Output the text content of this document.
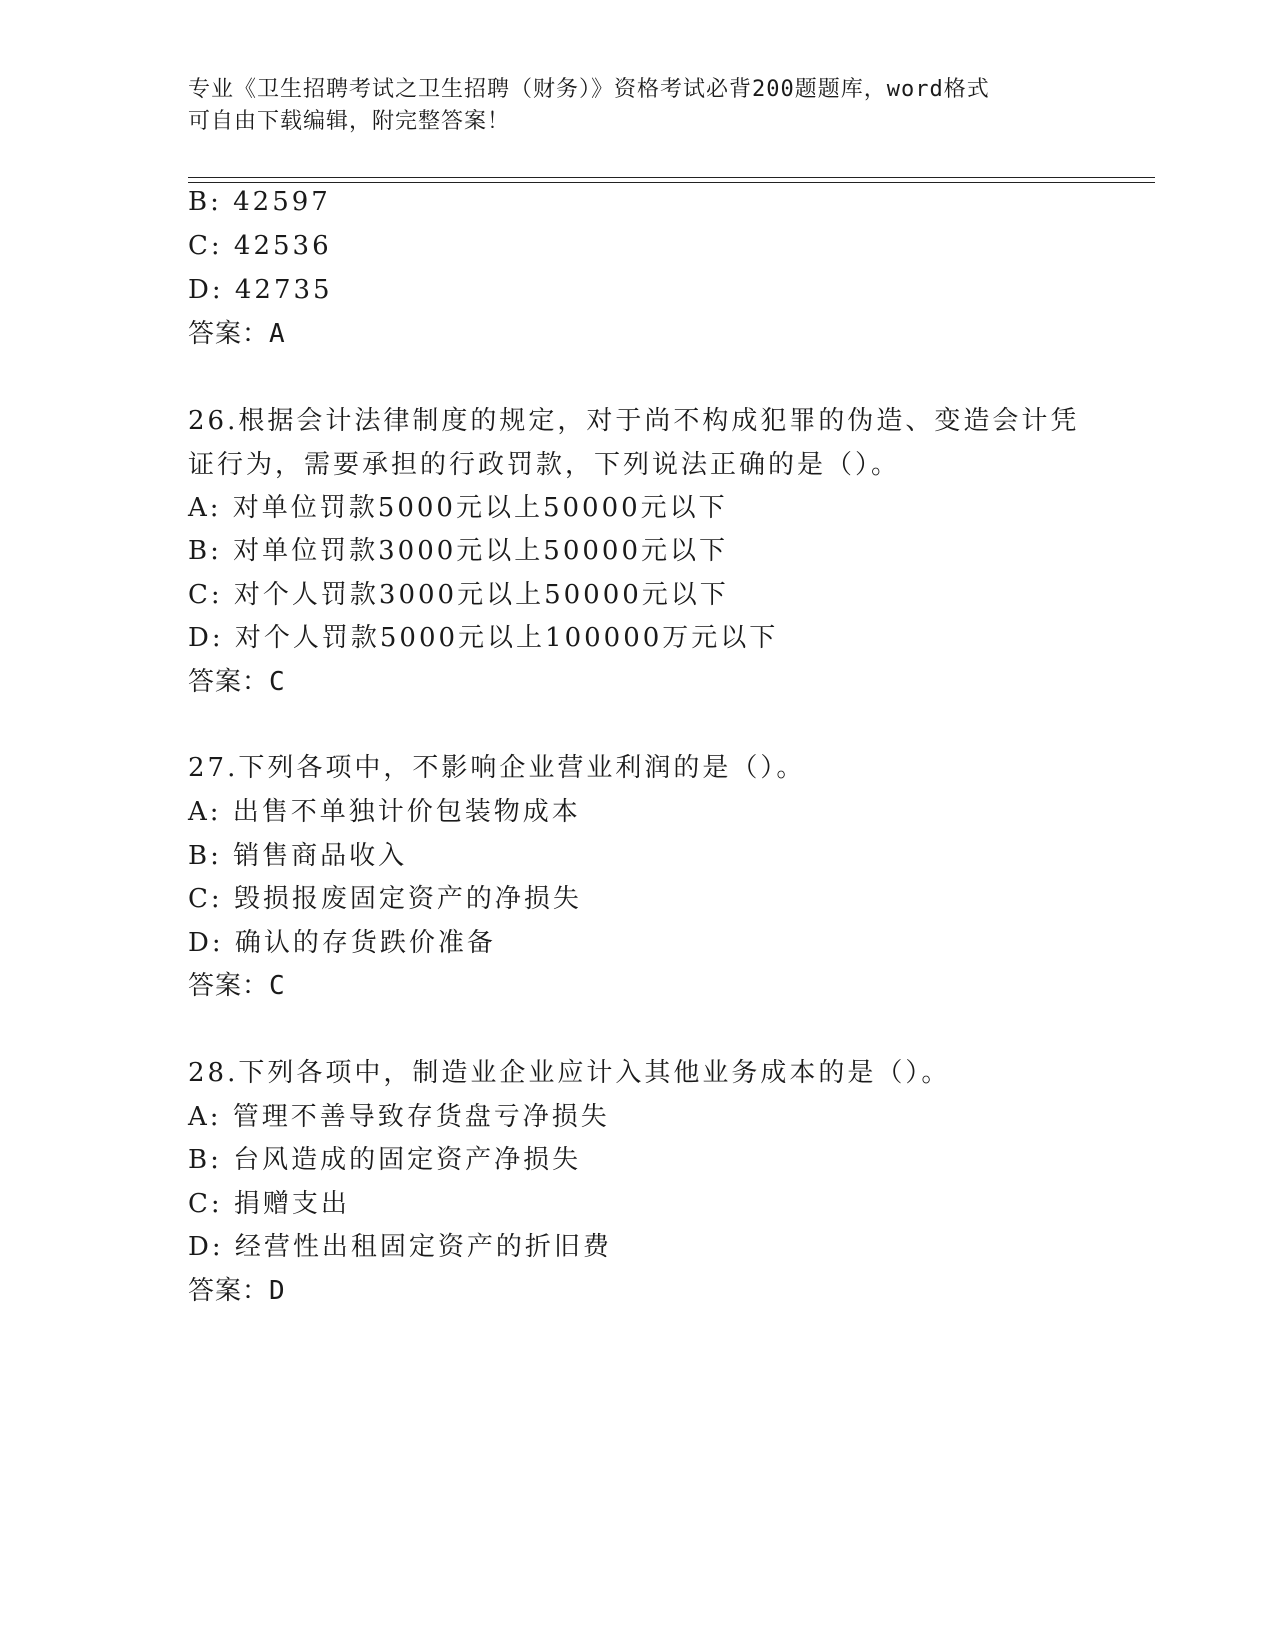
专业《卫生招聘考试之卫生招聘（财务）》资格考试必背200题题库，word格式
可自由下载编辑，附完整答案！
B: 42597
C: 42536
D: 42735
答案：A
26.根据会计法律制度的规定，对于尚不构成犯罪的伪造、变造会计凭
证行为，需要承担的行政罚款，下列说法正确的是（）。
A: 对单位罚款5000元以上50000元以下
B: 对单位罚款3000元以上50000元以下
C: 对个人罚款3000元以上50000元以下
D: 对个人罚款5000元以上100000万元以下
答案：C
27.下列各项中，不影响企业营业利润的是（）。
A: 出售不单独计价包装物成本
B: 销售商品收入
C: 毁损报废固定资产的净损失
D: 确认的存货跌价准备
答案：C
28.下列各项中，制造业企业应计入其他业务成本的是（）。
A: 管理不善导致存货盘亏净损失
B: 台风造成的固定资产净损失
C: 捐赠支出
D: 经营性出租固定资产的折旧费
答案：D
